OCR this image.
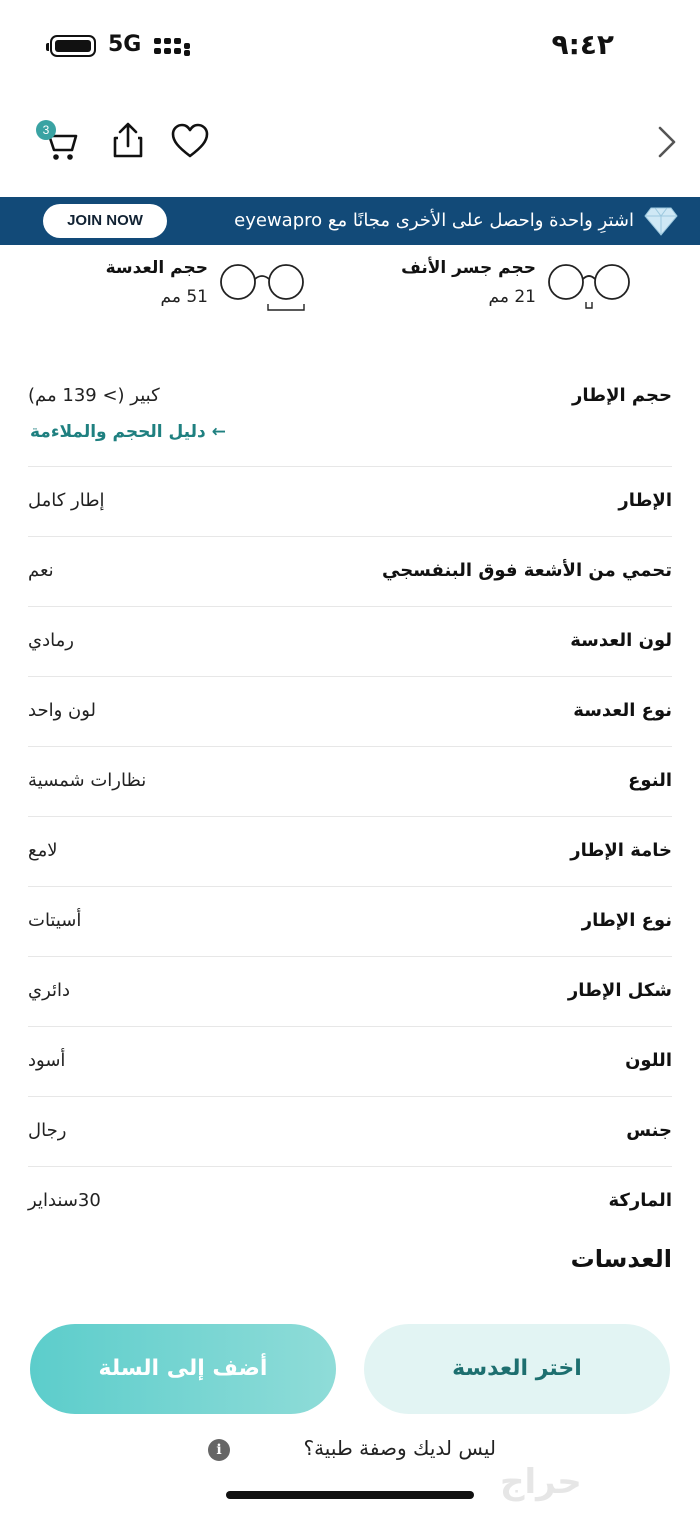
5G	٩:٤٢
3
اشترِ واحدة واحصل على الأخرى مجانًا مع eyewapro
JOIN NOW
حجم جسر الأنف
21 مم
حجم العدسة
51 مم
حجم الإطار
كبير (> 139 مم)
← دليل الحجم والملاءمة
الإطار
إطار كامل
تحمي من الأشعة فوق البنفسجي
نعم
لون العدسة
رمادي
نوع العدسة
لون واحد
النوع
نظارات شمسية
خامة الإطار
لامع
نوع الإطار
أسيتات
شكل الإطار
دائري
اللون
أسود
جنس
رجال
الماركة
30سنداير
العدسات
اختر العدسة
أضف إلى السلة
ليس لديك وصفة طبية؟
i
حراج
